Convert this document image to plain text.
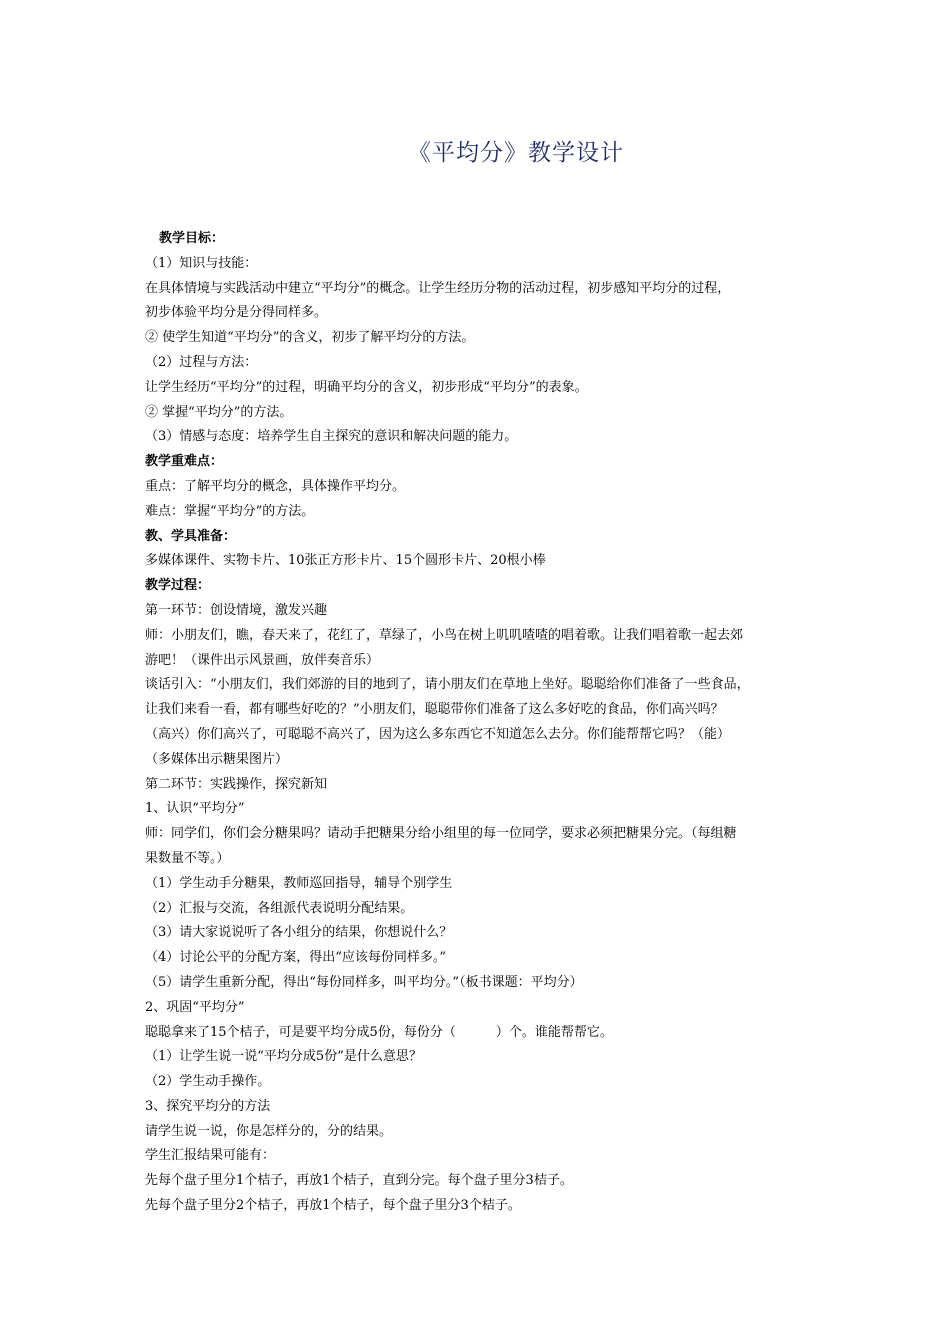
《平均分》教学设计
教学目标：
（1）知识与技能：
在具体情境与实践活动中建立“平均分”的概念。让学生经历分物的活动过程，初步感知平均分的过程，
初步体验平均分是分得同样多。
② 使学生知道“平均分”的含义，初步了解平均分的方法。
（2）过程与方法：
让学生经历“平均分”的过程，明确平均分的含义，初步形成“平均分”的表象。
② 掌握“平均分”的方法。
（3）情感与态度：培养学生自主探究的意识和解决问题的能力。
教学重难点：
重点：了解平均分的概念，具体操作平均分。
难点：掌握“平均分”的方法。
教、学具准备：
多媒体课件、实物卡片、10张正方形卡片、15个圆形卡片、20根小棒
教学过程：
第一环节：创设情境，激发兴趣
师：小朋友们，瞧，春天来了，花红了，草绿了，小鸟在树上叽叽喳喳的唱着歌。让我们唱着歌一起去郊
游吧！（课件出示风景画，放伴奏音乐）
谈话引入：“小朋友们，我们郊游的目的地到了，请小朋友们在草地上坐好。聪聪给你们准备了一些食品，
让我们来看一看，都有哪些好吃的？”小朋友们，聪聪带你们准备了这么多好吃的食品，你们高兴吗？
（高兴）你们高兴了，可聪聪不高兴了，因为这么多东西它不知道怎么去分。你们能帮帮它吗？（能）
（多媒体出示糖果图片）
第二环节：实践操作，探究新知
1、认识“平均分”
师：同学们，你们会分糖果吗？请动手把糖果分给小组里的每一位同学，要求必须把糖果分完。（每组糖
果数量不等。）
（1）学生动手分糖果，教师巡回指导，辅导个别学生
（2）汇报与交流，各组派代表说明分配结果。
（3）请大家说说听了各小组分的结果，你想说什么？
（4）讨论公平的分配方案，得出“应该每份同样多。”
（5）请学生重新分配，得出“每份同样多，叫平均分。”（板书课题：平均分）
2、巩固“平均分”
聪聪拿来了15个桔子，可是要平均分成5份，每份分（	）个。谁能帮帮它。
（1）让学生说一说“平均分成5份”是什么意思？
（2）学生动手操作。
3、探究平均分的方法
请学生说一说，你是怎样分的，分的结果。
学生汇报结果可能有：
先每个盘子里分1个桔子，再放1个桔子，直到分完。每个盘子里分3桔子。
先每个盘子里分2个桔子，再放1个桔子，每个盘子里分3个桔子。
